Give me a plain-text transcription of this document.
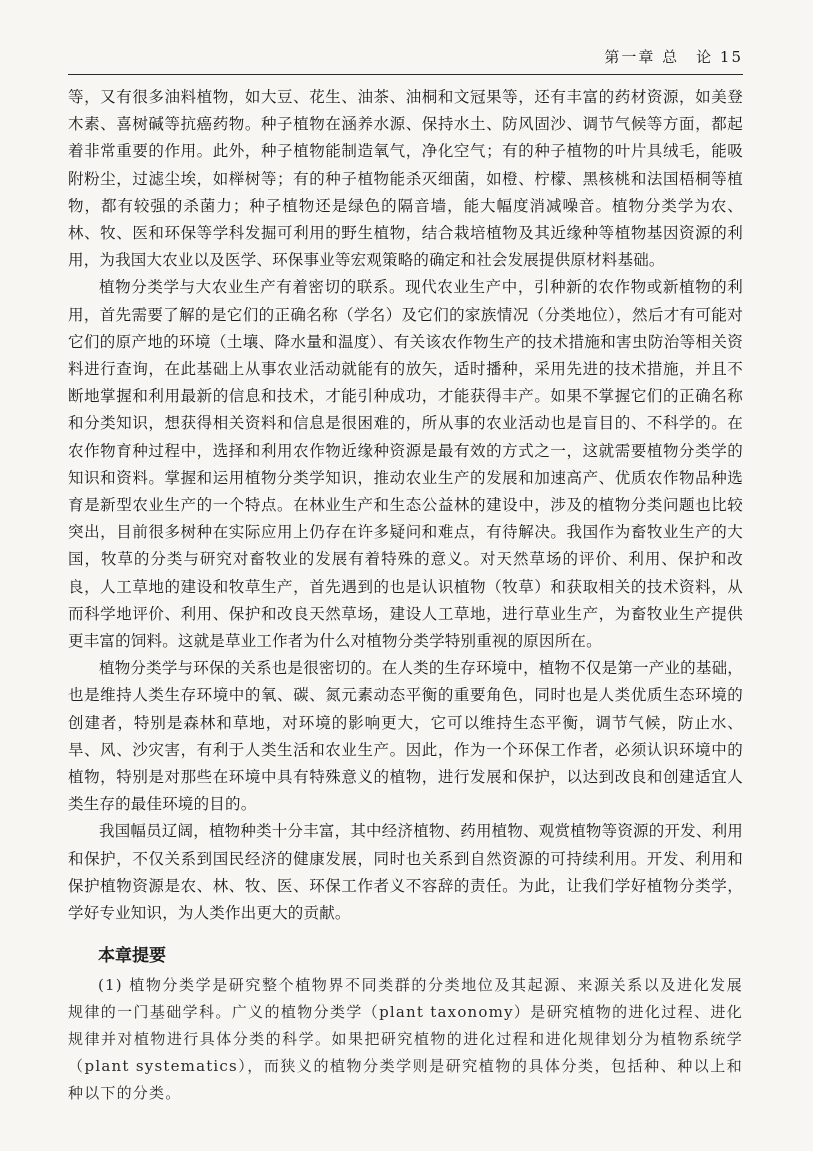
第一章 总　论 15

等，又有很多油料植物，如大豆、花生、油茶、油桐和文冠果等，还有丰富的药材资源，如美登木素、喜树碱等抗癌药物。种子植物在涵养水源、保持水土、防风固沙、调节气候等方面，都起着非常重要的作用。此外，种子植物能制造氧气，净化空气；有的种子植物的叶片具绒毛，能吸附粉尘，过滤尘埃，如榉树等；有的种子植物能杀灭细菌，如橙、柠檬、黑核桃和法国梧桐等植物，都有较强的杀菌力；种子植物还是绿色的隔音墙，能大幅度消减噪音。植物分类学为农、林、牧、医和环保等学科发掘可利用的野生植物，结合栽培植物及其近缘种等植物基因资源的利用，为我国大农业以及医学、环保事业等宏观策略的确定和社会发展提供原材料基础。

植物分类学与大农业生产有着密切的联系。现代农业生产中，引种新的农作物或新植物的利用，首先需要了解的是它们的正确名称（学名）及它们的家族情况（分类地位），然后才有可能对它们的原产地的环境（土壤、降水量和温度）、有关该农作物生产的技术措施和害虫防治等相关资料进行查询，在此基础上从事农业活动就能有的放矢，适时播种，采用先进的技术措施，并且不断地掌握和利用最新的信息和技术，才能引种成功，才能获得丰产。如果不掌握它们的正确名称和分类知识，想获得相关资料和信息是很困难的，所从事的农业活动也是盲目的、不科学的。在农作物育种过程中，选择和利用农作物近缘种资源是最有效的方式之一，这就需要植物分类学的知识和资料。掌握和运用植物分类学知识，推动农业生产的发展和加速高产、优质农作物品种选育是新型农业生产的一个特点。在林业生产和生态公益林的建设中，涉及的植物分类问题也比较突出，目前很多树种在实际应用上仍存在许多疑问和难点，有待解决。我国作为畜牧业生产的大国，牧草的分类与研究对畜牧业的发展有着特殊的意义。对天然草场的评价、利用、保护和改良，人工草地的建设和牧草生产，首先遇到的也是认识植物（牧草）和获取相关的技术资料，从而科学地评价、利用、保护和改良天然草场，建设人工草地，进行草业生产，为畜牧业生产提供更丰富的饲料。这就是草业工作者为什么对植物分类学特别重视的原因所在。

植物分类学与环保的关系也是很密切的。在人类的生存环境中，植物不仅是第一产业的基础，也是维持人类生存环境中的氧、碳、氮元素动态平衡的重要角色，同时也是人类优质生态环境的创建者，特别是森林和草地，对环境的影响更大，它可以维持生态平衡，调节气候，防止水、旱、风、沙灾害，有利于人类生活和农业生产。因此，作为一个环保工作者，必须认识环境中的植物，特别是对那些在环境中具有特殊意义的植物，进行发展和保护，以达到改良和创建适宜人类生存的最佳环境的目的。

我国幅员辽阔，植物种类十分丰富，其中经济植物、药用植物、观赏植物等资源的开发、利用和保护，不仅关系到国民经济的健康发展，同时也关系到自然资源的可持续利用。开发、利用和保护植物资源是农、林、牧、医、环保工作者义不容辞的责任。为此，让我们学好植物分类学，学好专业知识，为人类作出更大的贡献。

本章提要

(1) 植物分类学是研究整个植物界不同类群的分类地位及其起源、来源关系以及进化发展规律的一门基础学科。广义的植物分类学（plant taxonomy）是研究植物的进化过程、进化规律并对植物进行具体分类的科学。如果把研究植物的进化过程和进化规律划分为植物系统学（plant systematics），而狭义的植物分类学则是研究植物的具体分类，包括种、种以上和种以下的分类。
